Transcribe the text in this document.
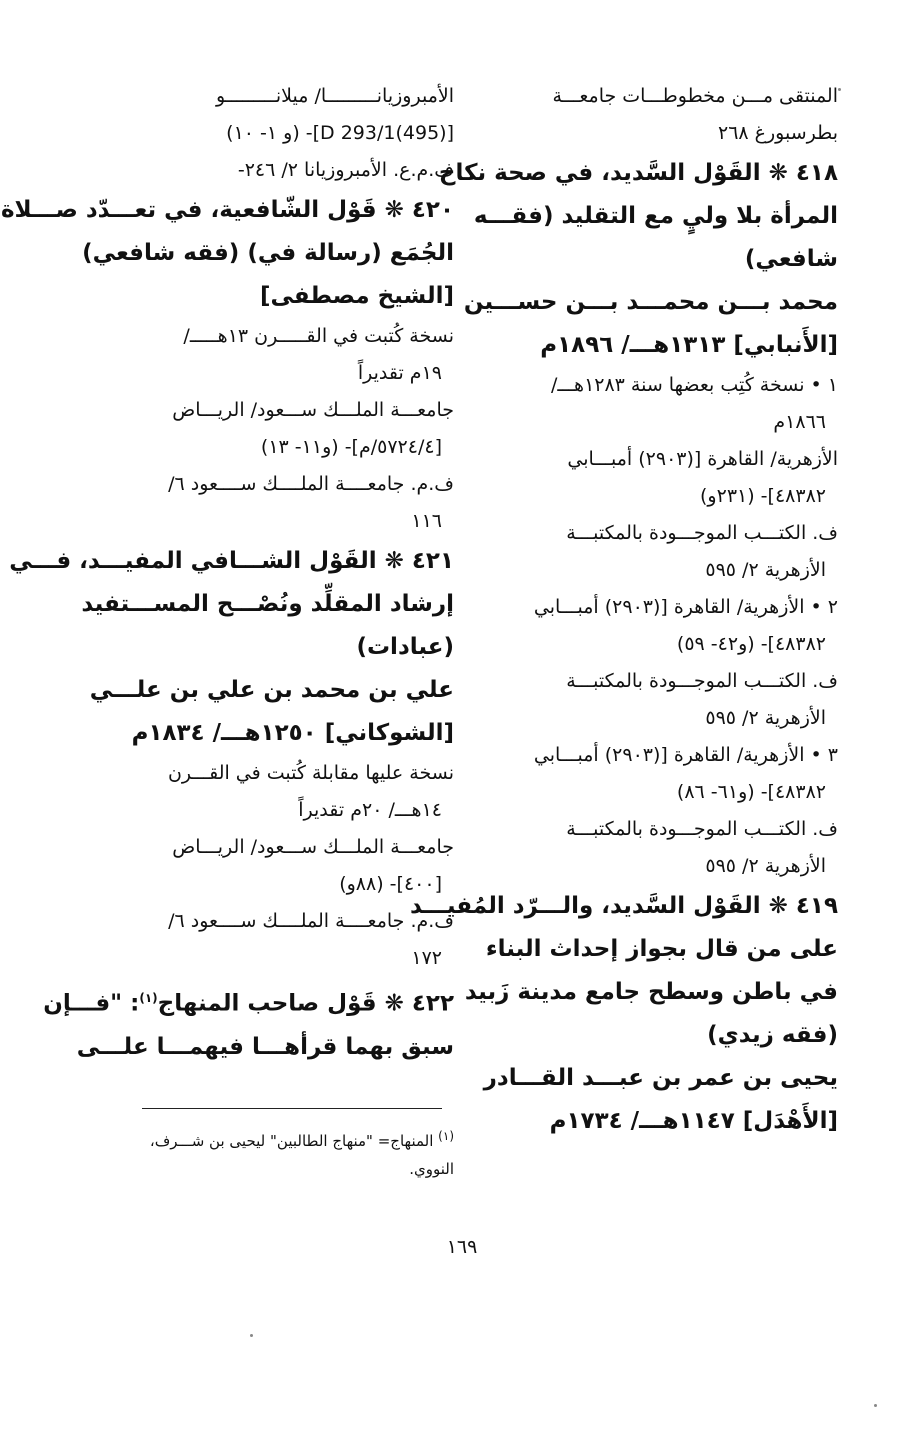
المنتقى مـــن مخطوطـــات جامعـــة
بطرسبورغ ٢٦٨
٤١٨ ❋ القَوْل السَّديد، في صحة نكاح
المرأة بلا وليٍ مع التقليد (فقـــه
شافعي)
محمد بـــن محمـــد بـــن حســـين
[الأَنبابي] ١٣١٣هـــ/ ١٨٩٦م
١ • نسخة كُتِب بعضها سنة ١٢٨٣هـــ/
١٨٦٦م
الأزهرية/ القاهرة [(٢٩٠٣) أمبـــابي
٤٨٣٨٢]- (٢٣١و)
ف. الكتـــب الموجـــودة بالمكتبـــة
الأزهرية ٢/ ٥٩٥
٢ • الأزهرية/ القاهرة [(٢٩٠٣) أمبـــابي
٤٨٣٨٢]- (و٤٢- ٥٩)
ف. الكتـــب الموجـــودة بالمكتبـــة
الأزهرية ٢/ ٥٩٥
٣ • الأزهرية/ القاهرة [(٢٩٠٣) أمبـــابي
٤٨٣٨٢]- (و٦١- ٨٦)
ف. الكتـــب الموجـــودة بالمكتبـــة
الأزهرية ٢/ ٥٩٥
٤١٩ ❋ القَوْل السَّديد، والـــرّد المُفيـــد
على من قال بجواز إحداث البناء
في باطن وسطح جامع مدينة زَبيد
(فقه زيدي)
يحيى بن عمر بن عبـــد القـــادر
[الأَهْدَل] ١١٤٧هـــ/ ١٧٣٤م
الأمبروزيانـــــــــا/ ميلانـــــــــو
[(495)D 293/1]- (و ١- ١٠)
ف.م.ع. الأمبروزيانا ٢/ ٢٤٦-
٤٢٠ ❋ قَوْل الشّافعية، في تعـــدّد صـــلاة
الجُمَع (رسالة في) (فقه شافعي)
[الشيخ مصطفى]
نسخة كُتبت في القـــــرن ١٣هـــــ/
١٩م تقديراً
جامعـــة الملـــك ســـعود/ الريـــاض
[٥٧٢٤/٤/م]- (و١١- ١٣)
ف.م. جامعــــة الملــــك ســــعود ٦/
١١٦
٤٢١ ❋ القَوْل الشـــافي المفيـــد، فـــي
إرشاد المقلِّد ونُصْـــح المســـتفيد
(عبادات)
علي بن محمد بن علي بن علـــي
[الشوكاني] ١٢٥٠هـــ/ ١٨٣٤م
نسخة عليها مقابلة كُتبت في القـــرن
١٤هـــ/ ٢٠م تقديراً
جامعـــة الملـــك ســـعود/ الريـــاض
[٤٠٠]- (٨٨و)
ف.م. جامعــــة الملــــك ســــعود ٦/
١٧٢
٤٢٢ ❋ قَوْل صاحب المنهاج$^{(١)}$: "فـــإن
سبق بهما قرأهـــا فيهمـــا علـــى
$^{(١)}$ المنهاج= "منهاج الطالبين" ليحيى بن شـــرف،
النووي.
١٦٩
